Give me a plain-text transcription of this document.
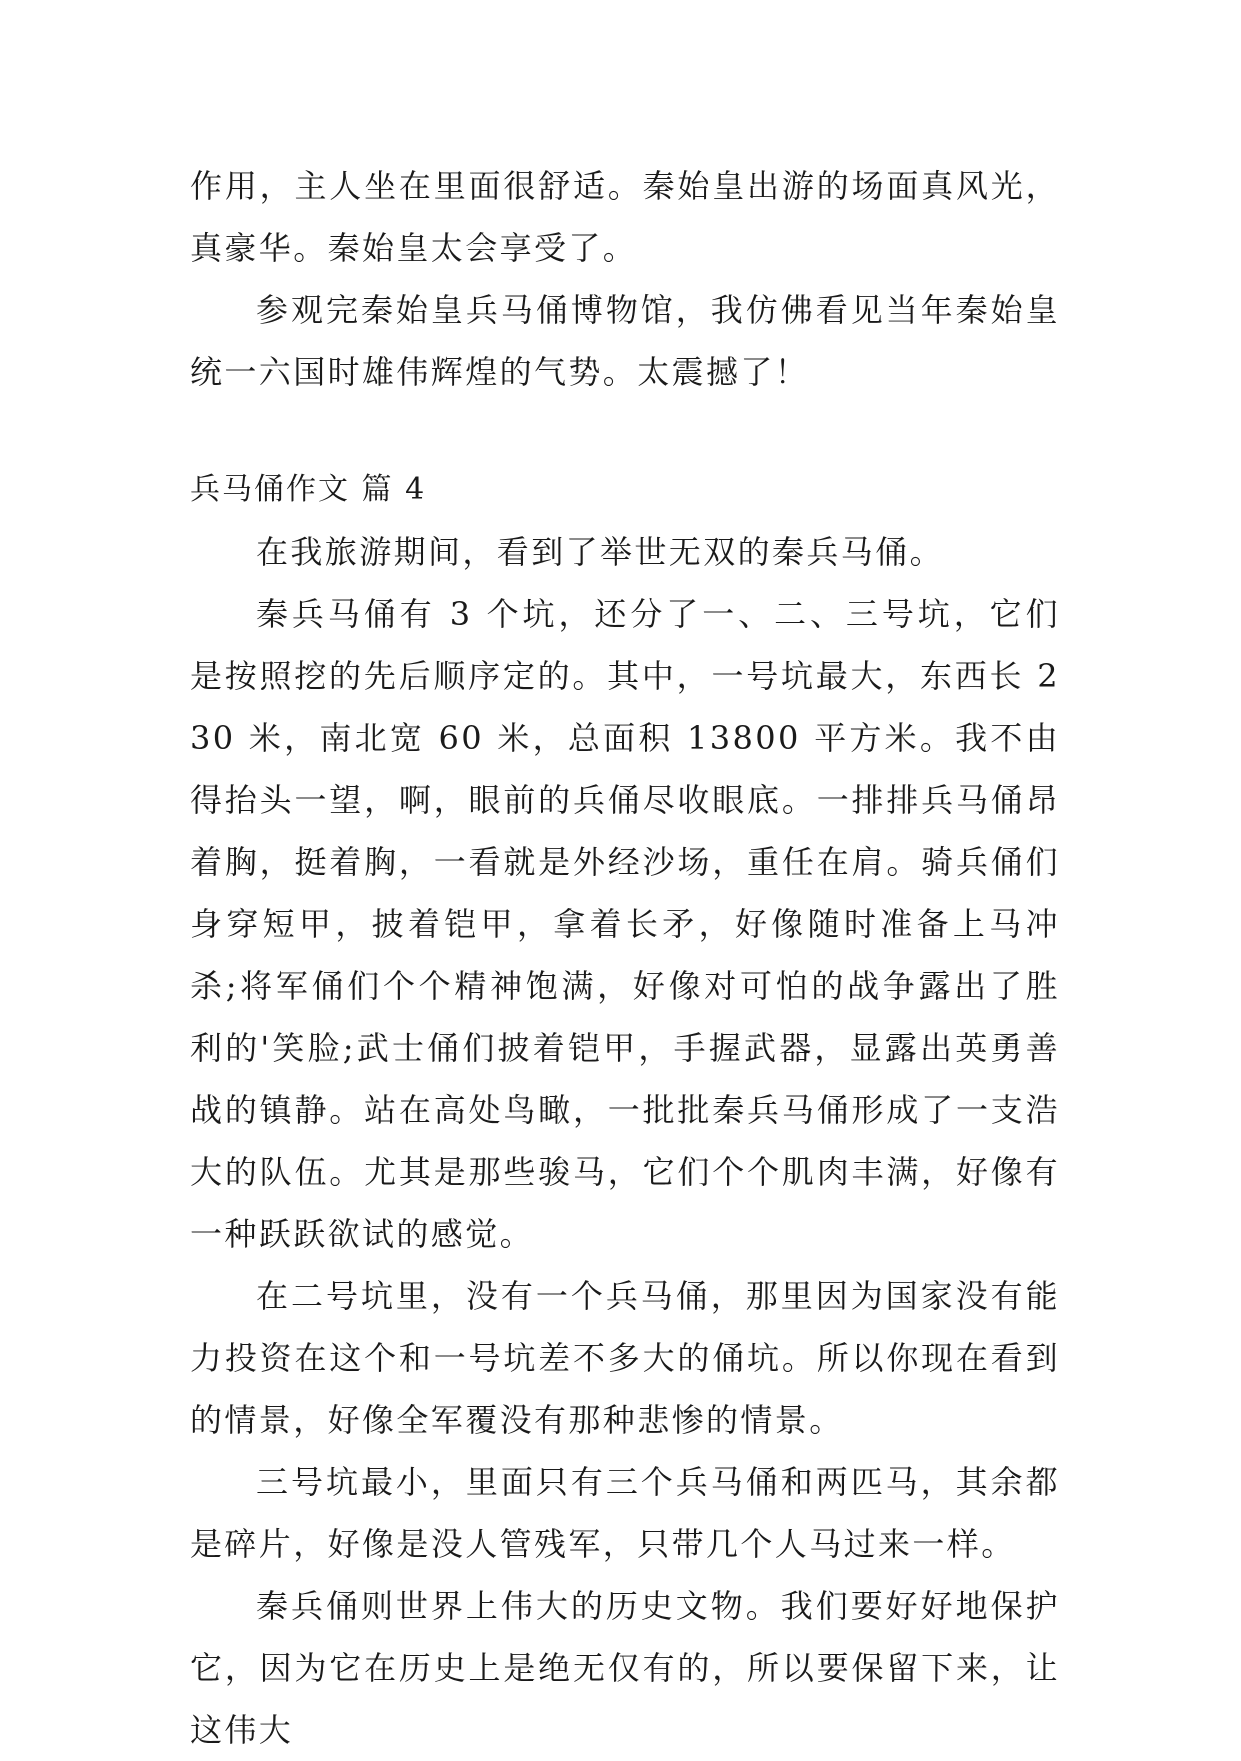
作用，主人坐在里面很舒适。秦始皇出游的场面真风光，真豪华。秦始皇太会享受了。

参观完秦始皇兵马俑博物馆，我仿佛看见当年秦始皇统一六国时雄伟辉煌的气势。太震撼了！

兵马俑作文 篇 4

在我旅游期间，看到了举世无双的秦兵马俑。

秦兵马俑有 3 个坑，还分了一、二、三号坑，它们是按照挖的先后顺序定的。其中，一号坑最大，东西长 230 米，南北宽 60 米，总面积 13800 平方米。我不由得抬头一望，啊，眼前的兵俑尽收眼底。一排排兵马俑昂着胸，挺着胸，一看就是外经沙场，重任在肩。骑兵俑们身穿短甲，披着铠甲，拿着长矛，好像随时准备上马冲杀;将军俑们个个精神饱满，好像对可怕的战争露出了胜利的'笑脸;武士俑们披着铠甲，手握武器，显露出英勇善战的镇静。站在高处鸟瞰，一批批秦兵马俑形成了一支浩大的队伍。尤其是那些骏马，它们个个肌肉丰满，好像有一种跃跃欲试的感觉。

在二号坑里，没有一个兵马俑，那里因为国家没有能力投资在这个和一号坑差不多大的俑坑。所以你现在看到的情景，好像全军覆没有那种悲惨的情景。

三号坑最小，里面只有三个兵马俑和两匹马，其余都是碎片，好像是没人管残军，只带几个人马过来一样。

秦兵俑则世界上伟大的历史文物。我们要好好地保护它，因为它在历史上是绝无仅有的，所以要保留下来，让这伟大
